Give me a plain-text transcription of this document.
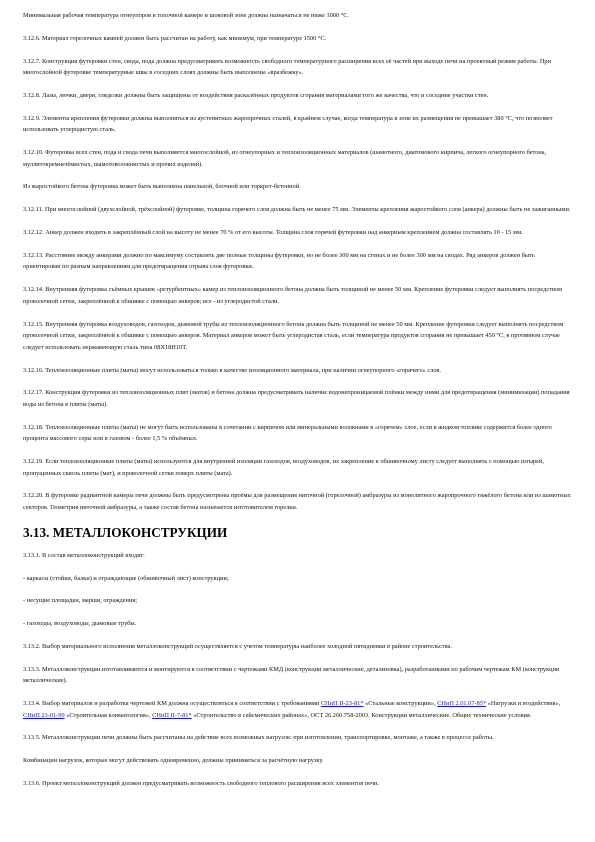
Минимальная рабочая температура огнеупоров в топочной камере и шоковой зоне должна назначаться не ниже 1000 °С.

3.12.6. Материал горелочных камней должен быть рассчитан на работу, как минимум, при температуре 1500 °С.

3.12.7. Конструкция футеровки стен, свода, пода должна предусматривать возможность свободного температурного расширения всех её частей при выходе печи на проектный режим работы. При многослойной футеровке температурные швы в соседних слоях должны быть выполнены «вразбежку».

3.12.8. Лазы, лючки, двери, гляделки должны быть защищены от воздействия раскалённых продуктов сгорания материалами того же качества, что и соседние участки стен.

3.12.9. Элементы крепления футеровки должны выполняться из аустенитных жаропрочных сталей, в крайнем случае, когда температура в зоне их размещения не превышает 380 °С, что позволяет использовать углеродистую сталь.

3.12.10. Футеровка всех стен, пода и свода печи выполняется многослойной, из огнеупорных и теплоизоляционных материалов (шамотного, диатомового кирпича, легкого огнеупорного бетона, муллитокремнезёмистых, шамотоволокнистых и прочих изделий).

Из жаростойкого бетона футеровка может быть выполнена панельной, блочной или торкрет-бетонной.

3.12.11. При многослойной (двухслойной, трёхслойной) футеровке, толщина горячего слоя должна быть не менее 75 мм. Элементы крепления жаростойкого слоя (анкера) должны быть не зажиганными.

3.12.12. Анкер должен входить в закреплённый слой на высоту не менее 70 % от его высоты. Толщина слоя горячей футеровки над анкерным креплением должна составлять 10 - 15 мм.

3.12.13. Расстояние между анкерами должно по максимуму составлять две полные толщины футеровки, но не более 300 мм на стенах и не более 300 мм на сводах. Ряд анкеров должен быть ориентирован по разным направлениям для предотвращения отрыва слоя футеровки.

3.12.14. Внутренняя футеровка съёмных крышек «ретурбентных» камер из теплоизоляционного бетона должна быть толщиной не менее 50 мм. Крепление футеровки следует выполнять посредством проволочной сетки, закреплённой к обшивке с помощью анкеров; все - из углеродистой стали.

3.12.15. Внутренняя футеровка воздуховодов, газоходов, дымовой трубы из теплоизоляционного бетона должна быть толщиной не менее 50 мм. Крепление футеровки следует выполнять посредством проволочной сетки, закреплённой к обшивке с помощью анкеров. Материал анкеров может быть углеродистая сталь, если температура продуктов сгорания не превышает 450 °С, в противном случае следует использовать нержавеющую сталь типа 08Х18Н10Т.

3.12.16. Теплоизоляционные плиты (маты) могут использоваться только в качестве изоляционного материала, при наличии огнеупорного «горячего» слоя.

3.12.17. Конструкция футеровки из теплоизоляционных плит (матов) и бетона должна предусматривать наличие водонепроницаемой плёнки между ними для предотвращения (минимизации) попадания воды из бетона в плиты (маты).

3.12.18. Теплоизоляционные плиты (маты) не могут быть использованы в сочетании с кирпичом или минеральными волокнами в «горячем» слое, если в жидком топливе содержится более одного процента массового серы или в газовом - более 1,5 % объёмных.

3.12.19. Если теплоизоляционные плиты (маты) используются для внутренней изоляции газоходов, воздуховодов, их закрепление к обшивочному листу следует выполнять с помощью штырей, пропущенных сквозь плиты (мат), и проволочной сетки поверх плиты (мата).

3.12.20. В футеровке радиантной камеры печи должны быть предусмотрены проёмы для размещения ниточной (горелочной) амбразуры из монолитного жаропрочного тяжёлого бетона или из шамотных секторов. Геометрия ниточной амбразуры, а также состав бетона назначается изготовителем горелки.

3.13. МЕТАЛЛОКОНСТРУКЦИИ

3.13.1. В состав металлоконструкций входят:

- каркасы (стойки, балки) и ограждающие (обшивочный лист) конструкции;

- несущие площадки, марши, ограждения;

- газоходы, воздуховоды, дымовые трубы.

3.13.2. Выбор материального исполнения металлоконструкций осуществляется с учетом температуры наиболее холодной пятидневки в районе строительства.

3.13.3. Металлоконструкции изготавливаются и монтируются в соответствии с чертежами КМД (конструкции металлические, детализовка), разработанными по рабочим чертежам КМ (конструкции металлические).

3.13.4. Выбор материалов и разработка чертежей КМ должна осуществляться в соответствии с требованиями СНиП II-23-81* «Стальные конструкции», СНиП 2.01.07-85* «Нагрузки и воздействия», СНиП 23-01-99 «Строительная климатология», СНиП II-7-81* «Строительство в сейсмических районах», ОСТ 26.260.758-2003. Конструкции металлические. Общие технические условия.

3.13.5. Металлоконструкции печи должны быть рассчитаны на действие всех возможных нагрузок: при изготовлении, транспортировке, монтаже, а также в процессе работы.

Комбинации нагрузок, которые могут действовать одновременно, должны приниматься за расчётную нагрузку.

3.13.6. Проект металлоконструкций должен предусматривать возможность свободного теплового расширения всех элементов печи.
